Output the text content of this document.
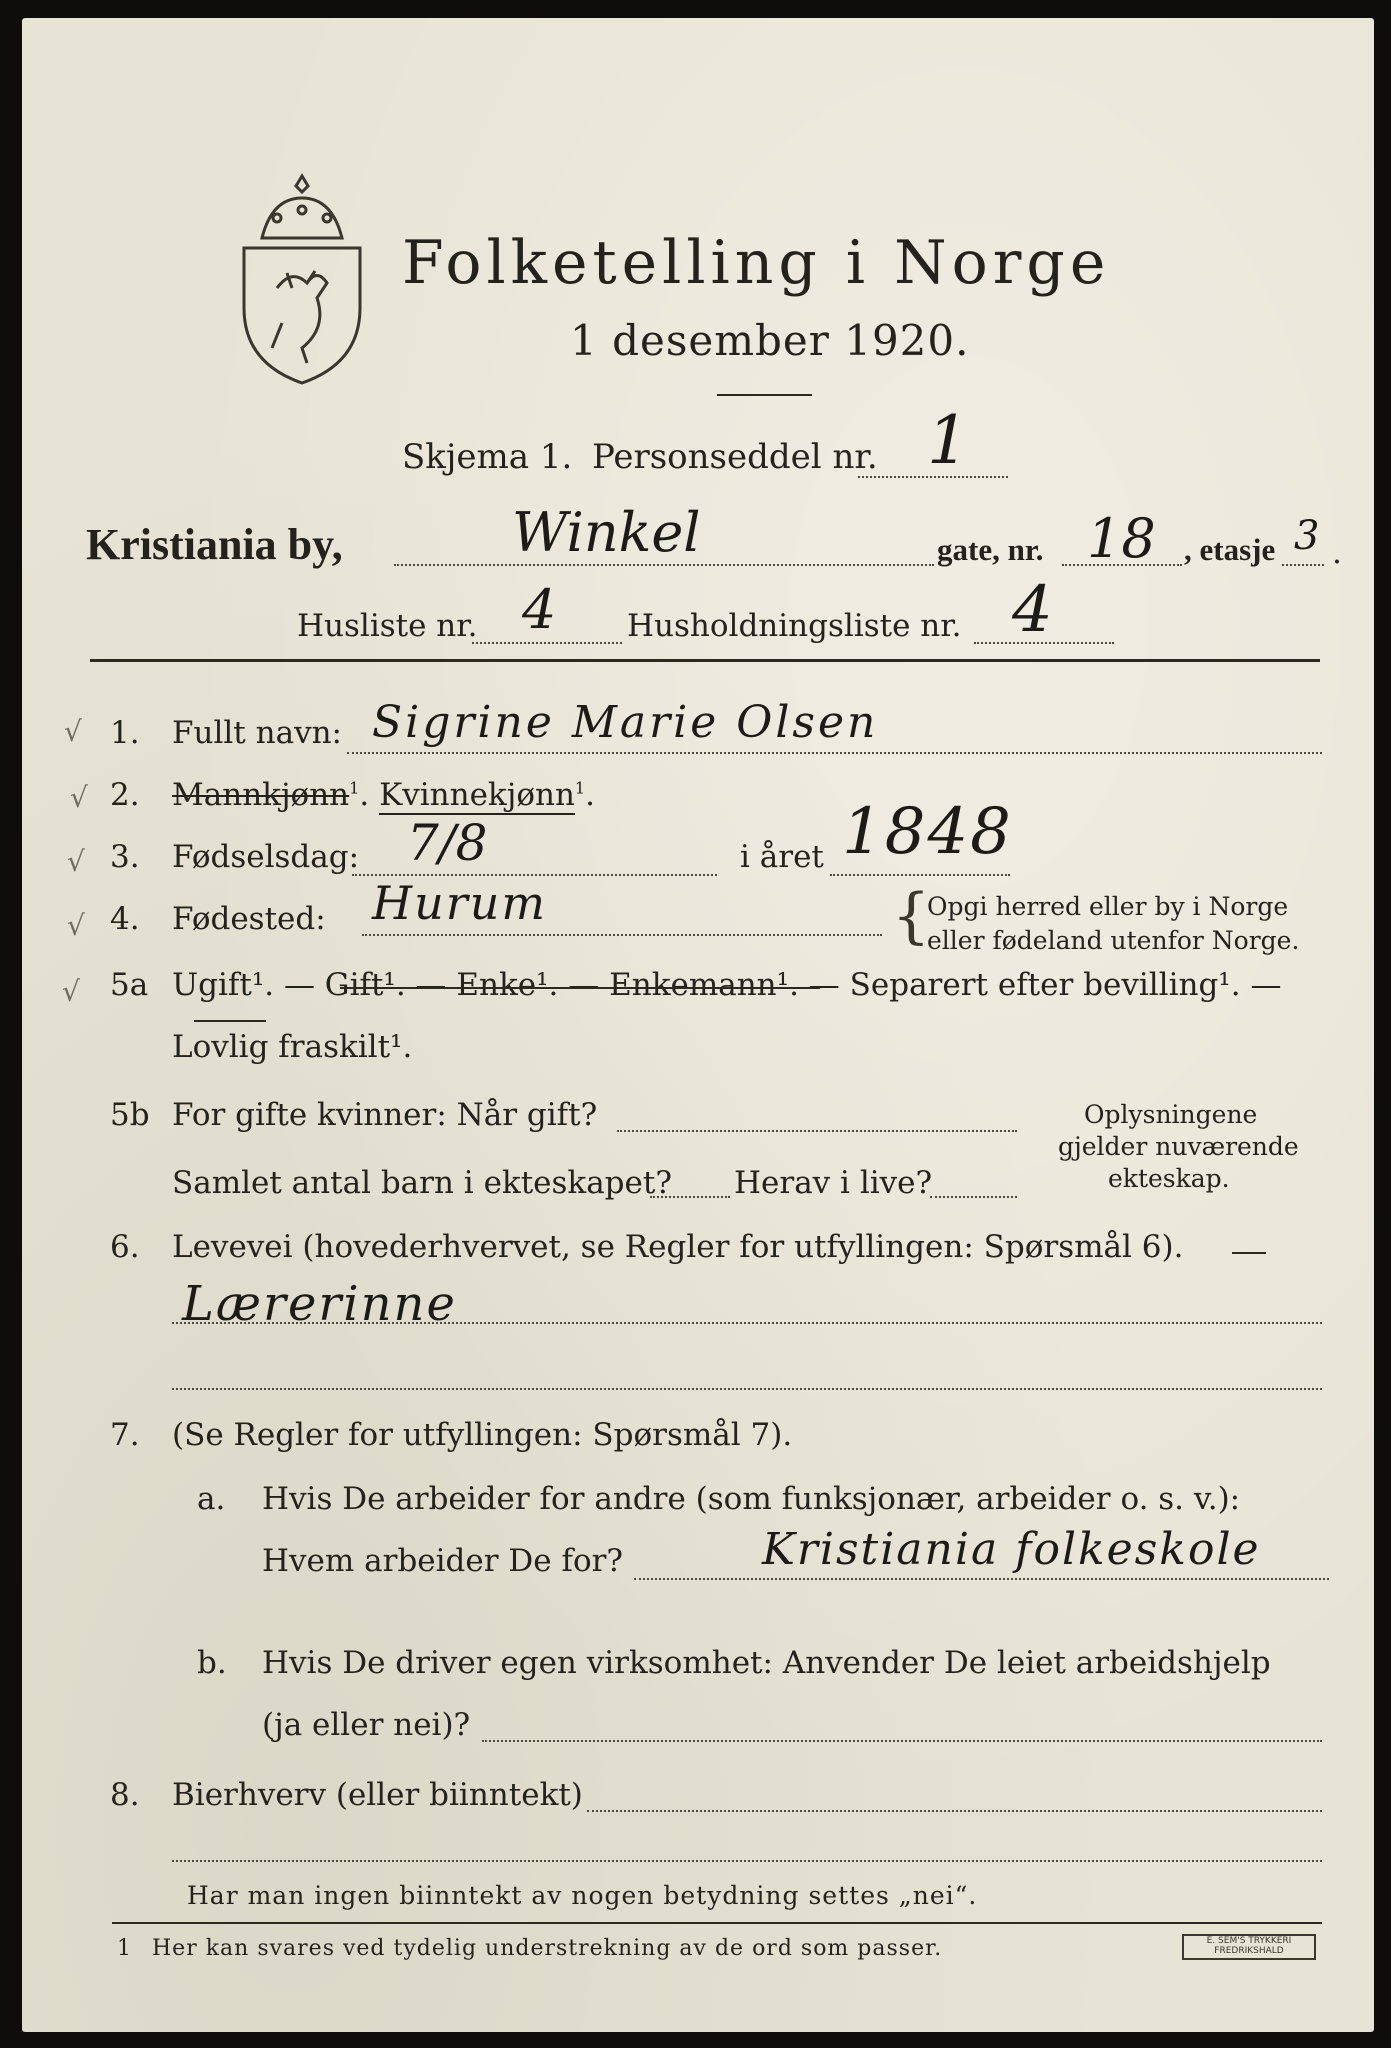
Folketelling i Norge
1 desember 1920.
Skjema 1. Personseddel nr. 1
Kristiania by,	Winkel	gate, nr. 18 , etasje 3 .
Husliste nr. 4 Husholdningsliste nr. 4
√ 1. Fullt navn: Sigrine Marie Olsen
√ 2. Mannkjønn$^1$. Kvinnekjønn$^1$.
√ 3. Fødselsdag: 7/8	i året 1848
√ 4. Fødested: Hurum	{
Opgi herred eller by i Norge
eller fødeland utenfor Norge.
√ 5a Ugift¹. — Gift¹. — Enke¹. — Enkemann¹. — Separert efter bevilling¹. —
Lovlig fraskilt¹.
5b For gifte kvinner: Når gift?
Samlet antal barn i ekteskapet? Herav i live?
Oplysningene
gjelder nuværende
ekteskap.
6. Levevei (hovederhvervet, se Regler for utfyllingen: Spørsmål 6).
Lærerinne
7. (Se Regler for utfyllingen: Spørsmål 7).
a. Hvis De arbeider for andre (som funksjonær, arbeider o. s. v.):
Hvem arbeider De for?	Kristiania folkeskole
b. Hvis De driver egen virksomhet: Anvender De leiet arbeidshjelp
(ja eller nei)?
8. Bierhverv (eller biinntekt)
Har man ingen biinntekt av nogen betydning settes „nei“.
1 Her kan svares ved tydelig understrekning av de ord som passer.	E. SEM'S TRYKKERI
FREDRIKSHALD
